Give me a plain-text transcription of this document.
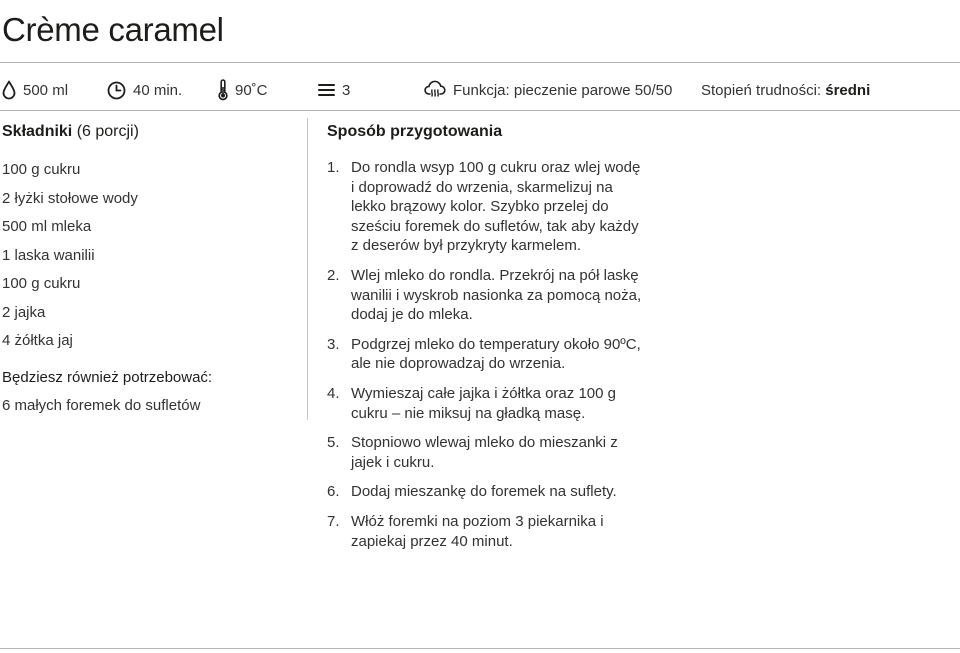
Crème caramel
500 ml	40 min.	90˚C	3	Funkcja: pieczenie parowe 50/50 Stopień trudności:
średni
Składniki (6 porcji)
100 g cukru
2 łyżki stołowe wody
500 ml mleka
1 laska wanilii
100 g cukru
2 jajka
4 żółtka jaj
Będziesz również potrzebować:
6 małych foremek do sufletów
Sposób przygotowania
1. Do rondla wsyp 100 g cukru oraz wlej wodę i doprowadź do wrzenia, skarmelizuj na lekko brązowy kolor. Szybko przelej do sześciu foremek do sufletów, tak aby każdy z deserów był przykryty karmelem.
2. Wlej mleko do rondla. Przekrój na pół laskę wanilii i wyskrob nasionka za pomocą noża, dodaj je do mleka.
3. Podgrzej mleko do temperatury około 90ºC, ale nie doprowadzaj do wrzenia.
4. Wymieszaj całe jajka i żółtka oraz 100 g cukru – nie miksuj na gładką masę.
5. Stopniowo wlewaj mleko do mieszanki z jajek i cukru.
6. Dodaj mieszankę do foremek na suflety.
7. Włóż foremki na poziom 3 piekarnika i zapiekaj przez 40 minut.
